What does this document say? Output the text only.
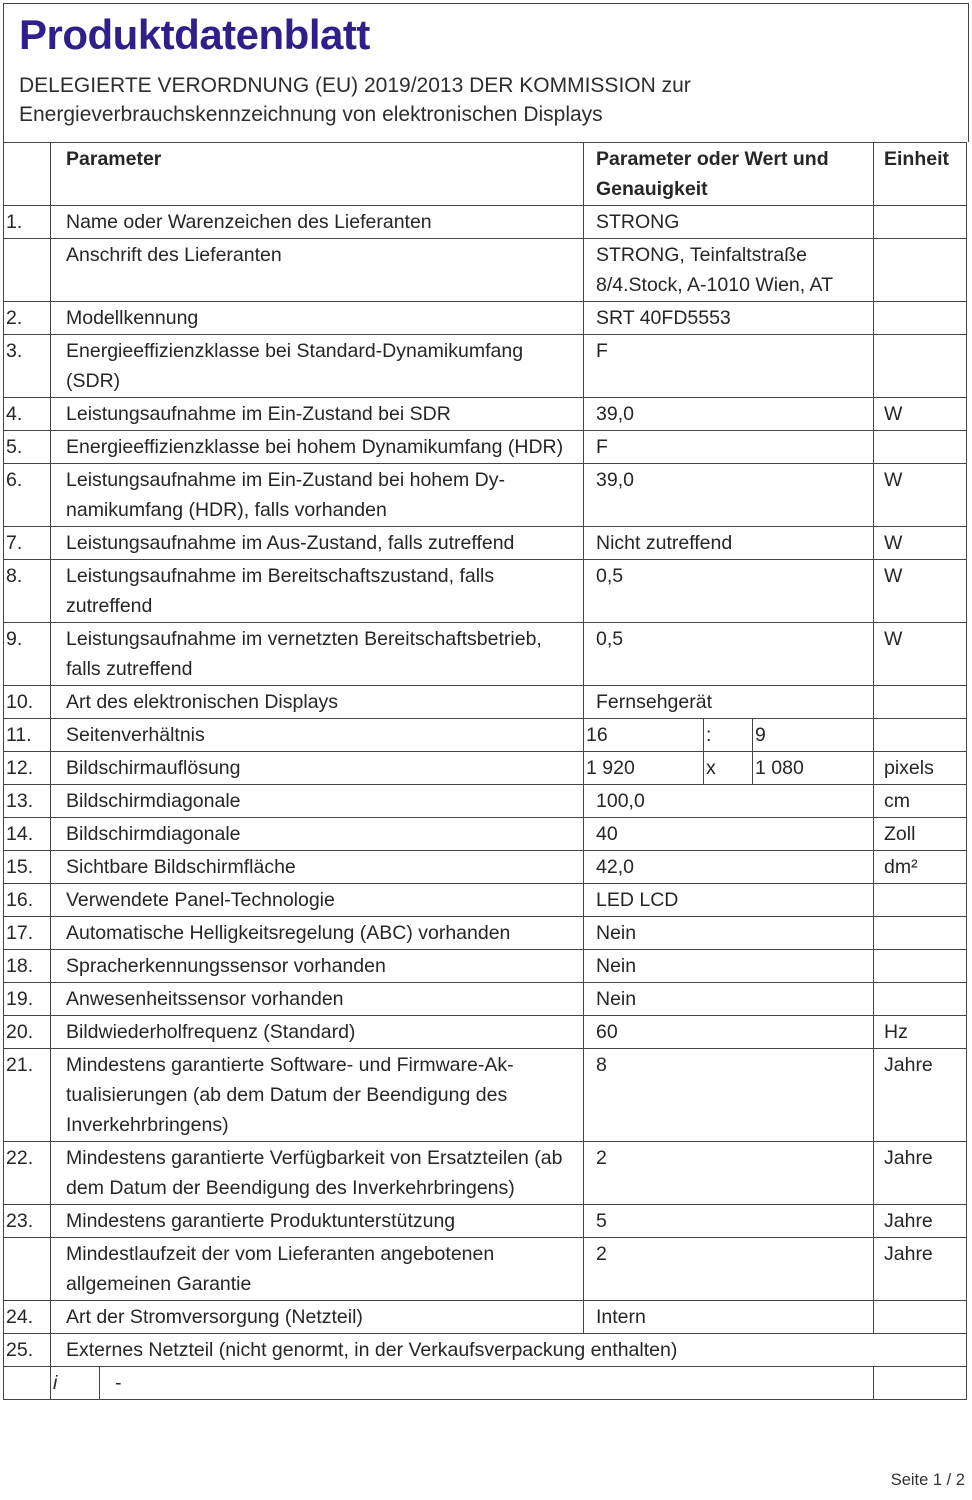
Produktdatenblatt

DELEGIERTE VERORDNUNG (EU) 2019/2013 DER KOMMISSION zur

Energieverbrauchskennzeichnung von elektronischen Displays

	Parameter		Parameter oder Wert und Genauigkeit			Einheit
1.	Name oder Warenzeichen des Lieferanten		STRONG			
	Anschrift des Lieferanten		STRONG, Teinfaltstraße 8/4.Stock, A-1010 Wien, AT			
2.	Modellkennung		SRT 40FD5553			
3.	Energieeffizienzklasse bei Standard-Dynamikumfang (SDR)		F			
4.	Leistungsaufnahme im Ein-Zustand bei SDR		39,0			W
5.	Energieeffizienzklasse bei hohem Dynamikumfang (HDR)		F			
6.	Leistungsaufnahme im Ein-Zustand bei hohem Dynamikumfang (HDR), falls vorhanden		39,0			W
7.	Leistungsaufnahme im Aus-Zustand, falls zutreffend		Nicht zutreffend			W
8.	Leistungsaufnahme im Bereitschaftszustand, falls zutreffend		0,5			W
9.	Leistungsaufnahme im vernetzten Bereitschaftsbetrieb, falls zutreffend		0,5			W
10.	Art des elektronischen Displays		Fernsehgerät			
11.	Seitenverhältnis		16	:	9	
12.	Bildschirmauflösung		1 920	x	1 080	pixels
13.	Bildschirmdiagonale		100,0			cm
14.	Bildschirmdiagonale		40			Zoll
15.	Sichtbare Bildschirmfläche		42,0			dm²
16.	Verwendete Panel-Technologie		LED LCD			
17.	Automatische Helligkeitsregelung (ABC) vorhanden		Nein			
18.	Spracherkennungssensor vorhanden		Nein			
19.	Anwesenheitssensor vorhanden		Nein			
20.	Bildwiederholfrequenz (Standard)		60			Hz
21.	Mindestens garantierte Software- und Firmware-Aktualisierungen (ab dem Datum der Beendigung des Inverkehrbringens)		8			Jahre
22.	Mindestens garantierte Verfügbarkeit von Ersatzteilen (ab dem Datum der Beendigung des Inverkehrbringens)		2			Jahre
23.	Mindestens garantierte Produktunterstützung		5			Jahre
	Mindestlaufzeit der vom Lieferanten angebotenen allgemeinen Garantie		2			Jahre
24.	Art der Stromversorgung (Netzteil)		Intern			
25.	Externes Netzteil (nicht genormt, in der Verkaufsverpackung enthalten)					
	i	-				
Seite 1 / 2
